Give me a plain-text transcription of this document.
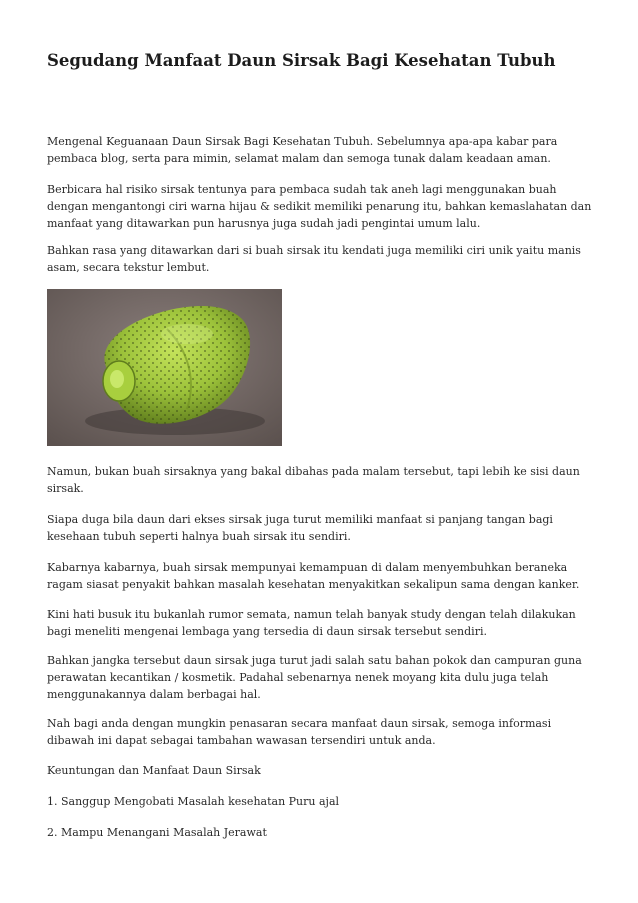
Segudang Manfaat Daun Sirsak Bagi Kesehatan Tubuh

Mengenal Keguanaan Daun Sirsak Bagi Kesehatan Tubuh. Sebelumnya apa-apa kabar para pembaca blog, serta para mimin, selamat malam dan semoga tunak dalam keadaan aman.

Berbicara hal risiko sirsak tentunya para pembaca sudah tak aneh lagi menggunakan buah dengan mengantongi ciri warna hijau & sedikit memiliki penarung itu, bahkan kemaslahatan dan manfaat yang ditawarkan pun harusnya juga sudah jadi pengintai umum lalu.

Bahkan rasa yang ditawarkan dari si buah sirsak itu kendati juga memiliki ciri unik yaitu manis asam, secara tekstur lembut.

Namun, bukan buah sirsaknya yang bakal dibahas pada malam tersebut, tapi lebih ke sisi daun sirsak.

Siapa duga bila daun dari ekses sirsak juga turut memiliki manfaat si panjang tangan bagi kesehaan tubuh seperti halnya buah sirsak itu sendiri.

Kabarnya kabarnya, buah sirsak mempunyai kemampuan di dalam menyembuhkan beraneka ragam siasat penyakit bahkan masalah kesehatan menyakitkan sekalipun sama dengan kanker.

Kini hati busuk itu bukanlah rumor semata, namun telah banyak study dengan telah dilakukan bagi meneliti mengenai lembaga yang tersedia di daun sirsak tersebut sendiri.

Bahkan jangka tersebut daun sirsak juga turut jadi salah satu bahan pokok dan campuran guna perawatan kecantikan / kosmetik. Padahal sebenarnya nenek moyang kita dulu juga telah menggunakannya dalam berbagai hal.

Nah bagi anda dengan mungkin penasaran secara manfaat daun sirsak, semoga informasi dibawah ini dapat sebagai tambahan wawasan tersendiri untuk anda.

Keuntungan dan Manfaat Daun Sirsak

1. Sanggup Mengobati Masalah kesehatan Puru ajal

2. Mampu Menangani Masalah Jerawat
